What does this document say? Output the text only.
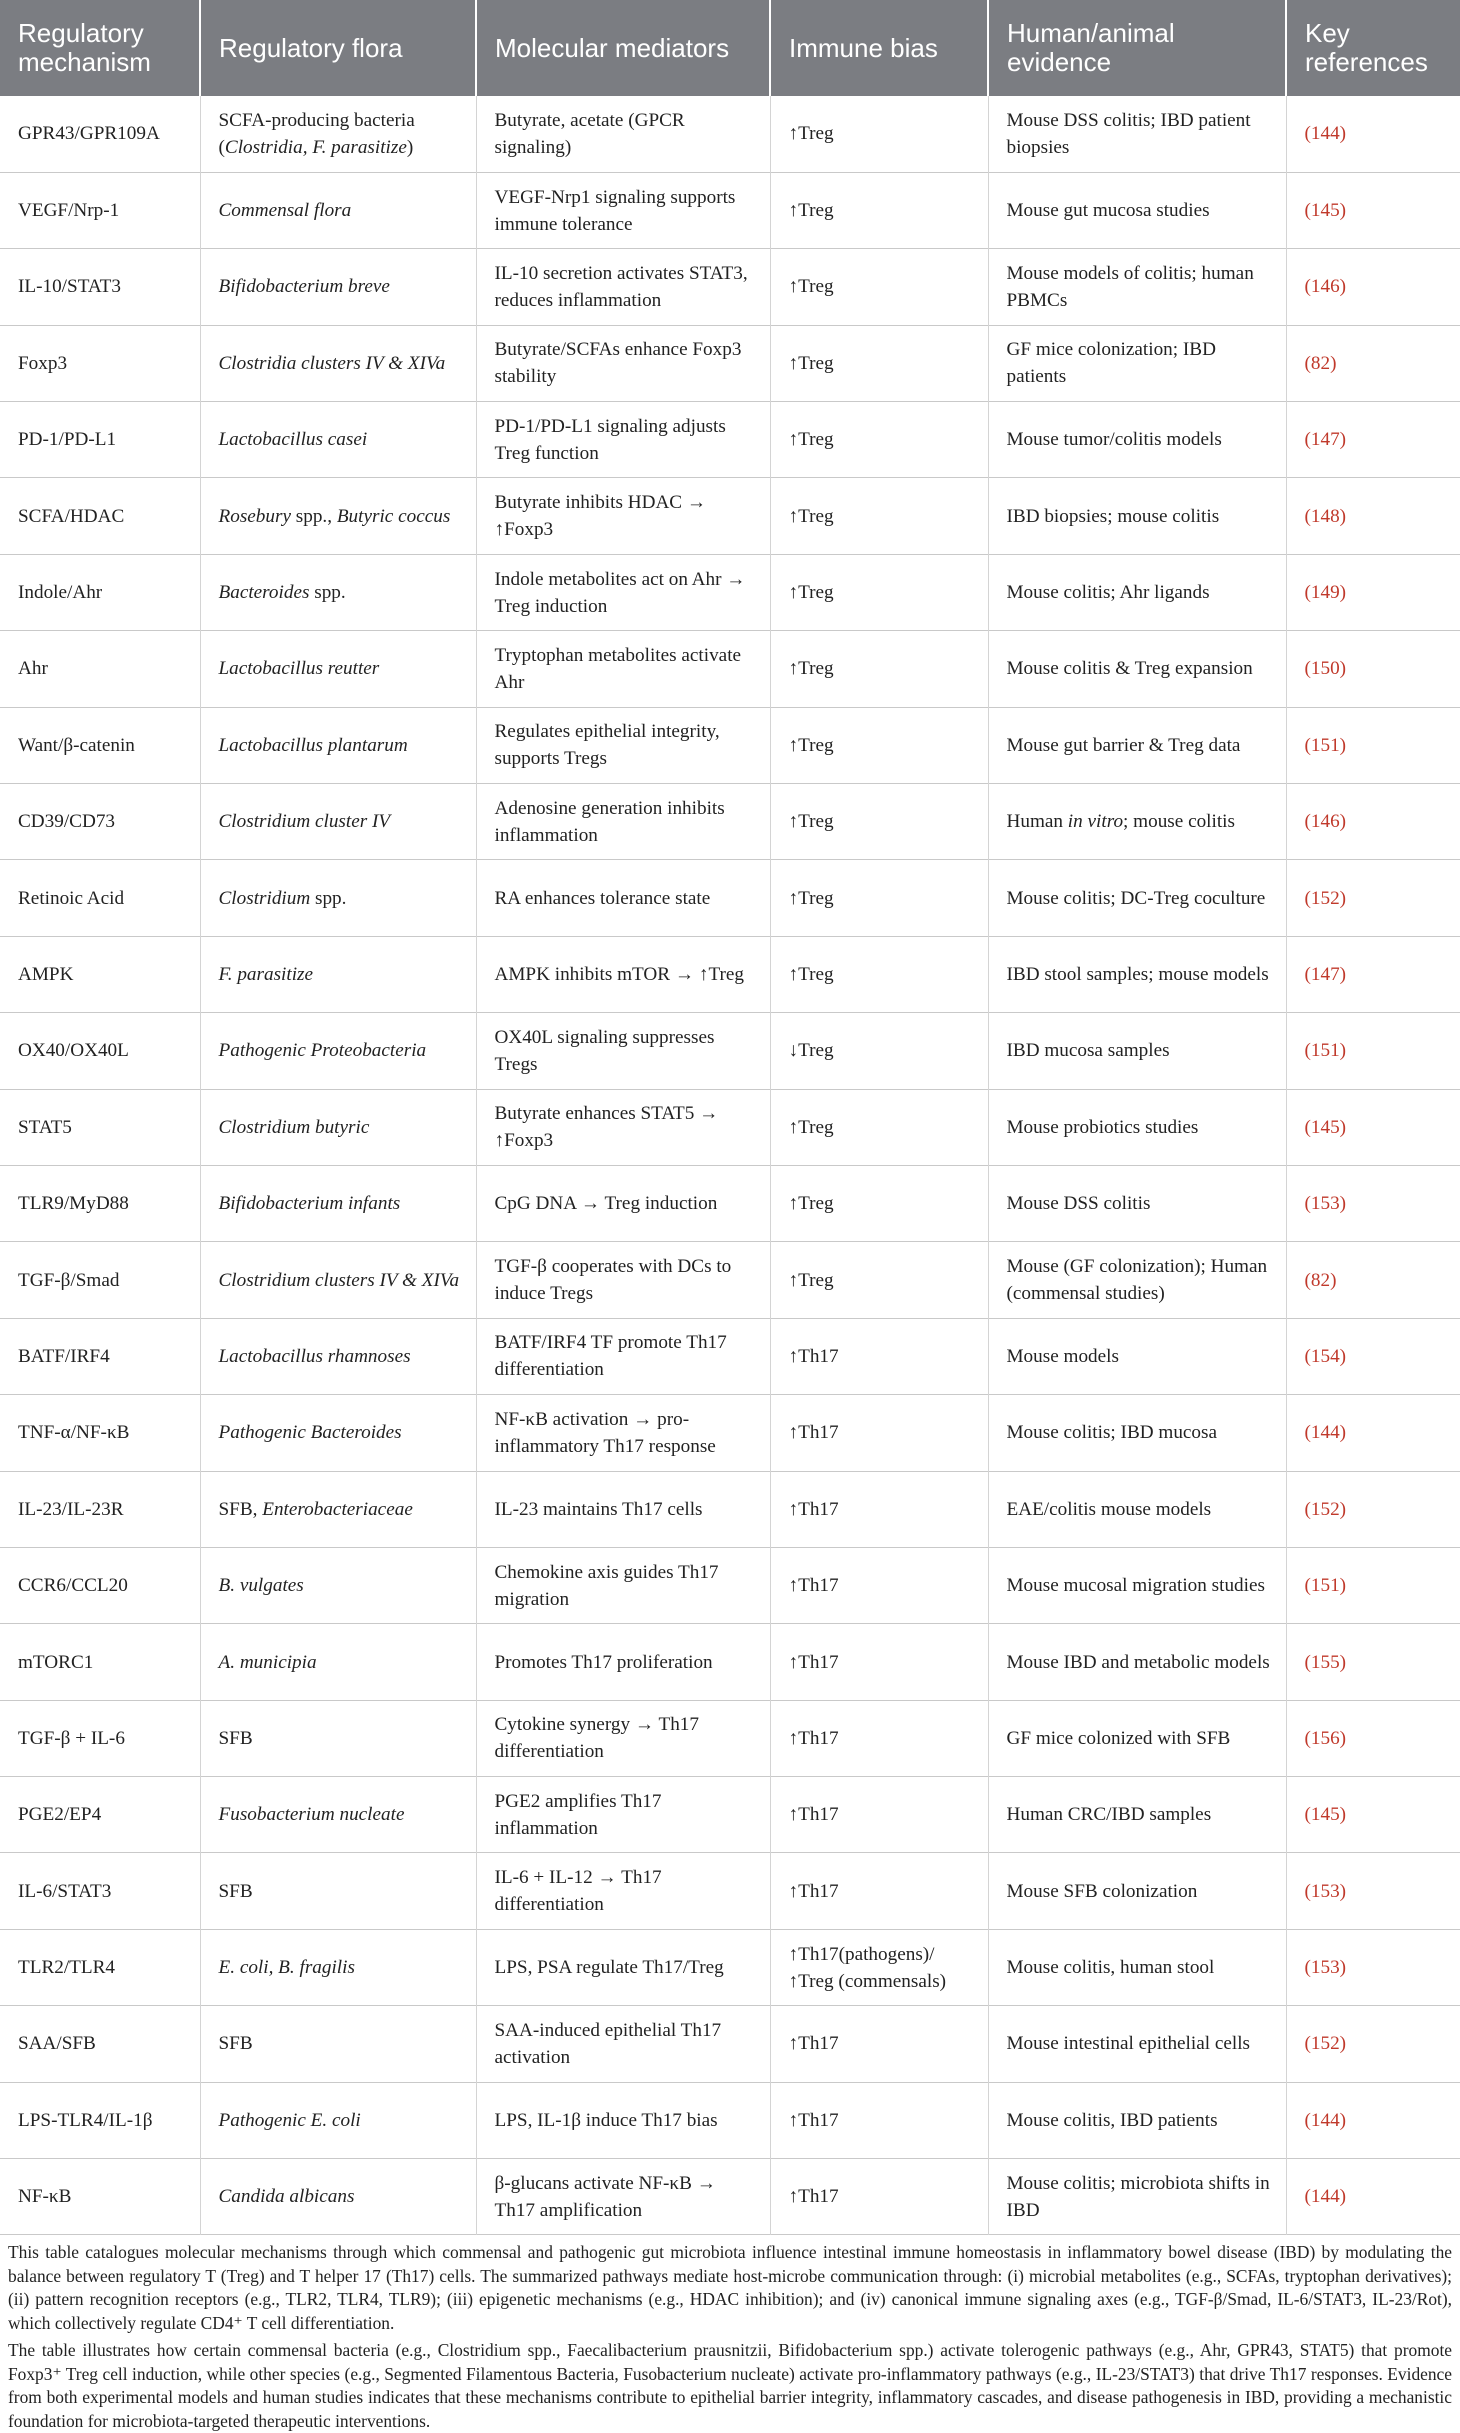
Regulatory mechanism	Regulatory flora	Molecular mediators	Immune bias	Human/animal evidence	Key references
GPR43/GPR109A	SCFA-producing bacteria (Clostridia, F. parasitize)	Butyrate, acetate (GPCR signaling)	↑Treg	Mouse DSS colitis; IBD patient biopsies	(144)
VEGF/Nrp-1	Commensal flora	VEGF-Nrp1 signaling supports immune tolerance	↑Treg	Mouse gut mucosa studies	(145)
IL-10/STAT3	Bifidobacterium breve	IL-10 secretion activates STAT3, reduces inflammation	↑Treg	Mouse models of colitis; human PBMCs	(146)
Foxp3	Clostridia clusters IV & XIVa	Butyrate/SCFAs enhance Foxp3 stability	↑Treg	GF mice colonization; IBD patients	(82)
PD-1/PD-L1	Lactobacillus casei	PD-1/PD-L1 signaling adjusts Treg function	↑Treg	Mouse tumor/colitis models	(147)
SCFA/HDAC	Rosebury spp., Butyric coccus	Butyrate inhibits HDAC → ↑Foxp3	↑Treg	IBD biopsies; mouse colitis	(148)
Indole/Ahr	Bacteroides spp.	Indole metabolites act on Ahr → Treg induction	↑Treg	Mouse colitis; Ahr ligands	(149)
Ahr	Lactobacillus reutter	Tryptophan metabolites activate Ahr	↑Treg	Mouse colitis & Treg expansion	(150)
Want/β-catenin	Lactobacillus plantarum	Regulates epithelial integrity, supports Tregs	↑Treg	Mouse gut barrier & Treg data	(151)
CD39/CD73	Clostridium cluster IV	Adenosine generation inhibits inflammation	↑Treg	Human in vitro; mouse colitis	(146)
Retinoic Acid	Clostridium spp.	RA enhances tolerance state	↑Treg	Mouse colitis; DC-Treg coculture	(152)
AMPK	F. parasitize	AMPK inhibits mTOR → ↑Treg	↑Treg	IBD stool samples; mouse models	(147)
OX40/OX40L	Pathogenic Proteobacteria	OX40L signaling suppresses Tregs	↓Treg	IBD mucosa samples	(151)
STAT5	Clostridium butyric	Butyrate enhances STAT5 → ↑Foxp3	↑Treg	Mouse probiotics studies	(145)
TLR9/MyD88	Bifidobacterium infants	CpG DNA → Treg induction	↑Treg	Mouse DSS colitis	(153)
TGF-β/Smad	Clostridium clusters IV & XIVa	TGF-β cooperates with DCs to induce Tregs	↑Treg	Mouse (GF colonization); Human (commensal studies)	(82)
BATF/IRF4	Lactobacillus rhamnoses	BATF/IRF4 TF promote Th17 differentiation	↑Th17	Mouse models	(154)
TNF-α/NF-κB	Pathogenic Bacteroides	NF-κB activation → pro-inflammatory Th17 response	↑Th17	Mouse colitis; IBD mucosa	(144)
IL-23/IL-23R	SFB, Enterobacteriaceae	IL-23 maintains Th17 cells	↑Th17	EAE/colitis mouse models	(152)
CCR6/CCL20	B. vulgates	Chemokine axis guides Th17 migration	↑Th17	Mouse mucosal migration studies	(151)
mTORC1	A. municipia	Promotes Th17 proliferation	↑Th17	Mouse IBD and metabolic models	(155)
TGF-β + IL-6	SFB	Cytokine synergy → Th17 differentiation	↑Th17	GF mice colonized with SFB	(156)
PGE2/EP4	Fusobacterium nucleate	PGE2 amplifies Th17 inflammation	↑Th17	Human CRC/IBD samples	(145)
IL-6/STAT3	SFB	IL-6 + IL-12 → Th17 differentiation	↑Th17	Mouse SFB colonization	(153)
TLR2/TLR4	E. coli, B. fragilis	LPS, PSA regulate Th17/Treg	↑Th17(pathogens)/ ↑Treg (commensals)	Mouse colitis, human stool	(153)
SAA/SFB	SFB	SAA-induced epithelial Th17 activation	↑Th17	Mouse intestinal epithelial cells	(152)
LPS-TLR4/IL-1β	Pathogenic E. coli	LPS, IL-1β induce Th17 bias	↑Th17	Mouse colitis, IBD patients	(144)
NF-κB	Candida albicans	β-glucans activate NF-κB → Th17 amplification	↑Th17	Mouse colitis; microbiota shifts in IBD	(144)

This table catalogues molecular mechanisms through which commensal and pathogenic gut microbiota influence intestinal immune homeostasis in inflammatory bowel disease (IBD) by modulating the balance between regulatory T (Treg) and T helper 17 (Th17) cells. The summarized pathways mediate host-microbe communication through: (i) microbial metabolites (e.g., SCFAs, tryptophan derivatives); (ii) pattern recognition receptors (e.g., TLR2, TLR4, TLR9); (iii) epigenetic mechanisms (e.g., HDAC inhibition); and (iv) canonical immune signaling axes (e.g., TGF-β/Smad, IL-6/STAT3, IL-23/Rot), which collectively regulate CD4⁺ T cell differentiation.

The table illustrates how certain commensal bacteria (e.g., Clostridium spp., Faecalibacterium prausnitzii, Bifidobacterium spp.) activate tolerogenic pathways (e.g., Ahr, GPR43, STAT5) that promote Foxp3⁺ Treg cell induction, while other species (e.g., Segmented Filamentous Bacteria, Fusobacterium nucleate) activate pro-inflammatory pathways (e.g., IL-23/STAT3) that drive Th17 responses. Evidence from both experimental models and human studies indicates that these mechanisms contribute to epithelial barrier integrity, inflammatory cascades, and disease pathogenesis in IBD, providing a mechanistic foundation for microbiota-targeted therapeutic interventions.
